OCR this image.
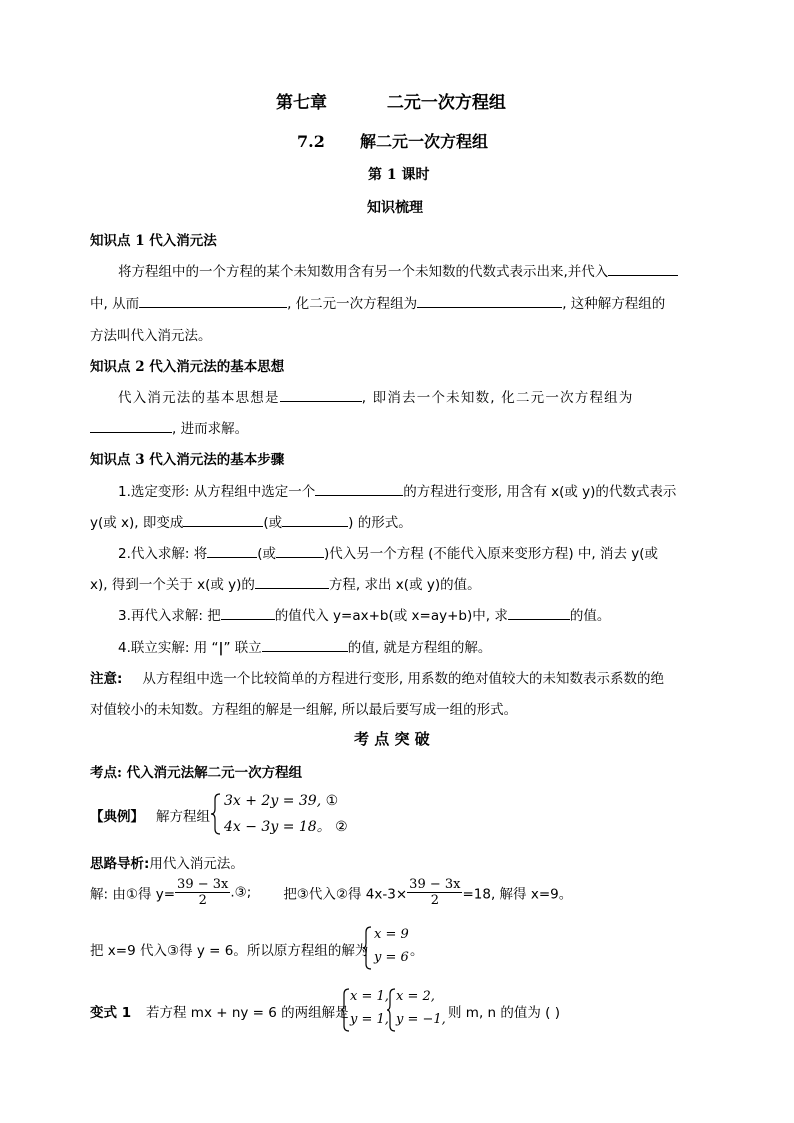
第七章	二元一次方程组
7.2 解二元一次方程组
第 1 课时
知识梳理
知识点 1 代入消元法
将方程组中的一个方程的某个未知数用含有另一个未知数的代数式表示出来,并代入
中, 从而	, 化二元一次方程组为	, 这种解方程组的
方法叫代入消元法。
知识点 2 代入消元法的基本思想
代入消元法的基本思想是	, 即消去一个未知数, 化二元一次方程组为
, 进而求解。
知识点 3 代入消元法的基本步骤
1.选定变形: 从方程组中选定一个	的方程进行变形, 用含有 x(或 y)的代数式表示
y(或 x), 即变成	(或	) 的形式。
2.代入求解: 将	(或	)代入另一个方程 (不能代入原来变形方程) 中, 消去 y(或
x), 得到一个关于 x(或 y)的	方程, 求出 x(或 y)的值。
3.再代入求解: 把	的值代入 y=ax+b(或 x=ay+b)中, 求	的值。
4.联立实解: 用 “|” 联立	的值, 就是方程组的解。
注意: 从方程组中选一个比较简单的方程进行变形, 用系数的绝对值较大的未知数表示系数的绝
对值较小的未知数。方程组的解是一组解, 所以最后要写成一组的形式。
考 点 突 破
考点: 代入消元法解二元一次方程组
【典例】 解方程组
3x + 2y = 39, ①
4x − 3y = 18。 ②
思路导析:用代入消元法。
解: 由①得 $y= \frac{39 - 3x}{2}$ .③; 把③代入②得 $4x-3\times \frac{39 - 3x}{2} =18$, 解得 x=9。
把 x=9 代入③得 y = 6。所以原方程组的解为
x = 9
y = 6 。
变式 1 若方程 mx + ny = 6 的两组解是
x = 1,
y = 1,
x = 2,
y = −1, 则 m, n 的值为 ( )
